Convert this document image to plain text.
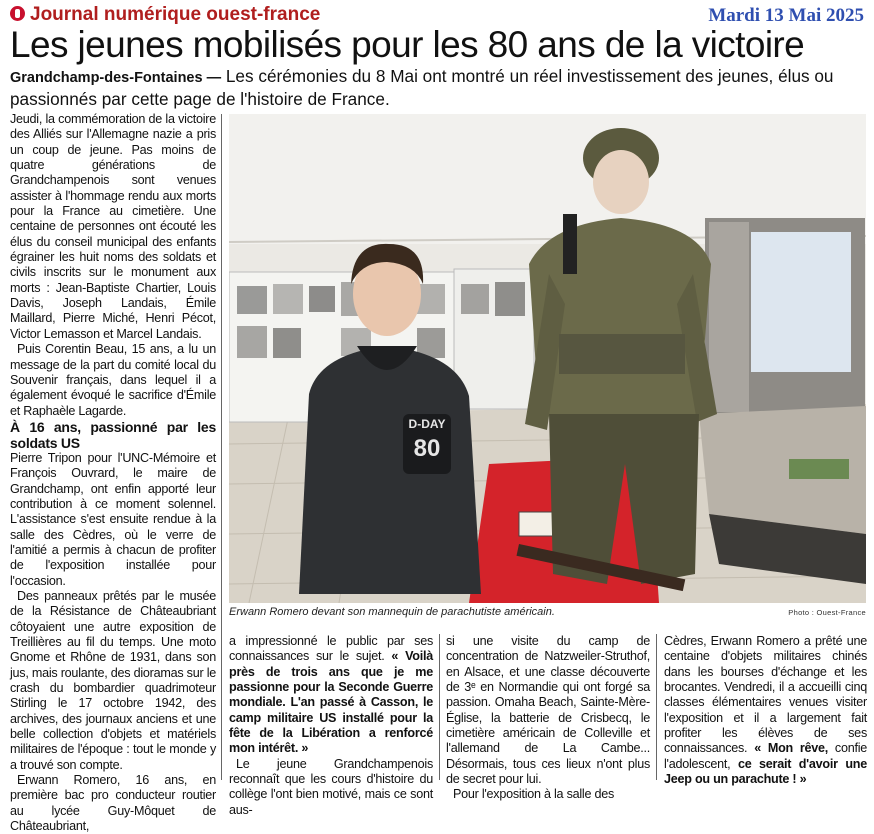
Journal numérique ouest-france	Mardi 13 Mai 2025
Les jeunes mobilisés pour les 80 ans de la victoire
Grandchamp-des-Fontaines — Les cérémonies du 8 Mai ont montré un réel investissement des jeunes, élus ou passionnés par cette page de l'histoire de France.

Jeudi, la commémoration de la victoire des Alliés sur l'Allemagne nazie a pris un coup de jeune. Pas moins de quatre générations de Grandchampenois sont venues assister à l'hommage rendu aux morts pour la France au cimetière. Une centaine de personnes ont écouté les élus du conseil municipal des enfants égrainer les huit noms des soldats et civils inscrits sur le monument aux morts : Jean-Baptiste Chartier, Louis Davis, Joseph Landais, Émile Maillard, Pierre Miché, Henri Pécot, Victor Lemasson et Marcel Landais.

Puis Corentin Beau, 15 ans, a lu un message de la part du comité local du Souvenir français, dans lequel il a également évoqué le sacrifice d'Émile et Raphaèle Lagarde.

À 16 ans, passionné par les soldats US

Pierre Tripon pour l'UNC-Mémoire et François Ouvrard, le maire de Grandchamp, ont enfin apporté leur contribution à ce moment solennel. L'assistance s'est ensuite rendue à la salle des Cèdres, où le verre de l'amitié a permis à chacun de profiter de l'exposition installée pour l'occasion.

Des panneaux prêtés par le musée de la Résistance de Châteaubriant côtoyaient une autre exposition de Treillières au fil du temps. Une moto Gnome et Rhône de 1931, dans son jus, mais roulante, des dioramas sur le crash du bombardier quadrimoteur Stirling le 17 octobre 1942, des archives, des journaux anciens et une belle collection d'objets et matériels militaires de l'époque : tout le monde y a trouvé son compte.

Erwann Romero, 16 ans, en première bac pro conducteur routier au lycée Guy-Môquet de Châteaubriant,

D-DAY
80
Erwann Romero devant son mannequin de parachutiste américain.	Photo : Ouest-France

a impressionné le public par ses connaissances sur le sujet. « Voilà près de trois ans que je me passionne pour la Seconde Guerre mondiale. L'an passé à Casson, le camp militaire US installé pour la fête de la Libération a renforcé mon intérêt. »

Le jeune Grandchampenois reconnaît que les cours d'histoire du collège l'ont bien motivé, mais ce sont aus-

si une visite du camp de concentration de Natzweiler-Struthof, en Alsace, et une classe découverte de 3ᵉ en Normandie qui ont forgé sa passion. Omaha Beach, Sainte-Mère-Église, la batterie de Crisbecq, le cimetière américain de Colleville et l'allemand de La Cambe... Désormais, tous ces lieux n'ont plus de secret pour lui.

Pour l'exposition à la salle des

Cèdres, Erwann Romero a prêté une centaine d'objets militaires chinés dans les bourses d'échange et les brocantes. Vendredi, il a accueilli cinq classes élémentaires venues visiter l'exposition et il a largement fait profiter les élèves de ses connaissances. « Mon rêve, confie l'adolescent, ce serait d'avoir une Jeep ou un parachute ! »
